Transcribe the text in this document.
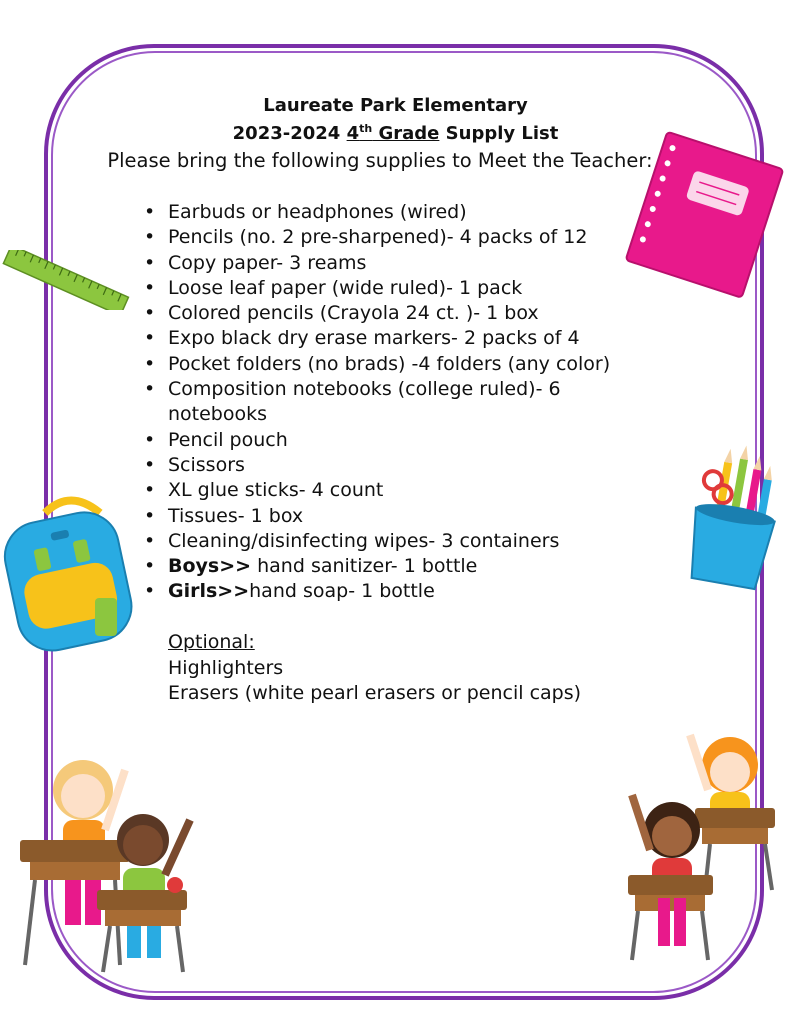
Laureate Park Elementary
2023-2024 4th Grade Supply List
Please bring the following supplies to Meet the Teacher:
• Earbuds or headphones (wired)
• Pencils (no. 2 pre-sharpened)- 4 packs of 12
• Copy paper- 3 reams
• Loose leaf paper (wide ruled)- 1 pack
• Colored pencils (Crayola 24 ct. )- 1 box
• Expo black dry erase markers- 2 packs of 4
• Pocket folders (no brads) -4 folders (any color)
• Composition notebooks (college ruled)- 6 notebooks
• Pencil pouch
• Scissors
• XL glue sticks- 4 count
• Tissues- 1 box
• Cleaning/disinfecting wipes- 3 containers
• Boys>> hand sanitizer- 1 bottle
• Girls>>hand soap- 1 bottle
Optional:
Highlighters
Erasers (white pearl erasers or pencil caps)
